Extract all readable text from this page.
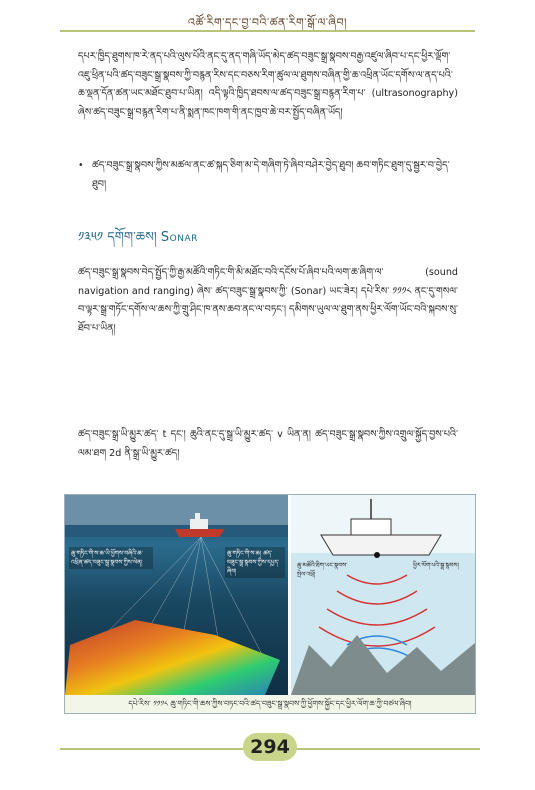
འཚོ་རིག་དང་བྱ་བའི་ཚན་རིག་སྒོ་ལ་ཞིབ།
དཔར་ཁྱིད་ཐུགས་ཁ་རེ་ནད་པའི་ལུས་པོའི་ནང་དུ་ནད་གཞི་ཡོད་མེད་ཚད་བཟུང་སྒྲ་སྣབས་བརྒྱ་འཛུལ་ཞིབ་པ་དང་ཕྱིར་ལྡོག་འཇུ་ཕྲིན་པའི་ཚད་བཟུང་སྒྲ་སྣབས་ཀྱི་བརྙན་རིས་དང་བཅས་རིག་ཚུལ་ལ་ཐུགས་བཞིན་གྱི་ཆ་འཕྲིན་ཡོང་དགོས་ལ་ནད་པའི་ཆ་ལྡན་དོན་ཚན་ཡང་མཐོང་ཐུབ་པ་ཡིན། འདི་ལྟའི་ཁྱིད་ཐབས་ལ་ཚད་བཟུང་སྒྲ་བརྙན་རིག་པ་ (ultrasonography) ཞེས་ཚད་བཟུང་སྒྲ་བརྙན་རིག་པ་ནི་སྨན་ཁང་ཁག་གི་ནང་ཁྱབ་ཆེ་བར་སྤྱོད་བཞིན་ཡོད།
• ཚད་བཟུང་སྒྲ་སྣབས་ཀྱིས་མཚལ་ནང་ཚ་སྐད་ཅིག་མ་དེ་གཞིག་ཏེ་ཞིབ་བཤེར་བྱེད་ཐུབ། ཆབ་གཏིང་ཐུག་དུ་སྦྱར་བ་བྱེད་ཐུབ།
༡༣༥༡ དགོག་ཆས། Sonar
ཚད་བཟུང་སྒྲ་སྣབས་བེད་སྤྱོད་ཀྱི་རྒྱ་མཚོའི་གཏིང་གི་མི་མཐོང་བའི་དངོས་པོ་ཞིབ་པའི་ལག་ཆ་ཞིག་ལ་ (sound navigation and ranging) ཞེས་ ཚད་བཟུང་སྒྲ་སྣབས་ཀྱི་ (Sonar) ཡང་ཟེར། དཔེ་རིས་ ༡༡༡༨ ནང་དུ་གསལ་བ་ལྟར་སྒྲ་གཏོང་དགོས་ལ་ཆས་ཀྱི་གྲུ་ཤིང་ཁ་ནས་ཆབ་ནང་ལ་བཏང་། དམིགས་ཡུལ་ལ་ཐུག་ནས་ཕྱིར་ལོག་ཡོང་བའི་སྐབས་སུ་ཐོབ་པ་ཡིན།
ཚད་བཟུང་སྒྲ་ཡི་མྱུར་ཚད་ t དང་། ཆུའི་ནང་དུ་སྒྲ་ཡི་མྱུར་ཚད་ v ཡིན་ན། ཚད་བཟུང་སྒྲ་སྣབས་ཀྱིས་འགྲུལ་སྐྱོད་བྱས་པའི་ལམ་ཐག 2d ནི་སྒྲ་ཡི་མྱུར་ཚད།
ཆུ་གཏིང་གི་ས་ཆ་ཡི་ཕྱོགས་བཞིའི་ཆ་འཕྲིན་ཚད་བཟུང་སྒྲ་སྣབས་ཀྱིས་ལེན།
ཆུ་གཏིང་གི་ས་ཆ། ཚད་བཟུང་སྒྲ་སྣབས་ཀྱིས་དཔྱད་ཞིབ།
ཆུ་མཚོའི་ཐིག་ཡང་སྣབས་སྤེལ་འཕྲོ།
ཕྱིར་ལོག་པའི་སྒྲ་སྣབས།
དཔེ་རིས་ ༡༡༡༨ ཆུ་གཏིང་གི་ཆས་ཀྱིས་བཏང་བའི་ཚད་བཟུང་སྒྲ་སྣབས་ཀྱི་ཕྱོགས་སྐྱོང་དང་ཕྱིར་ལོག་ཆ་ཀྱི་བཙལ་ཞིབ།
294
